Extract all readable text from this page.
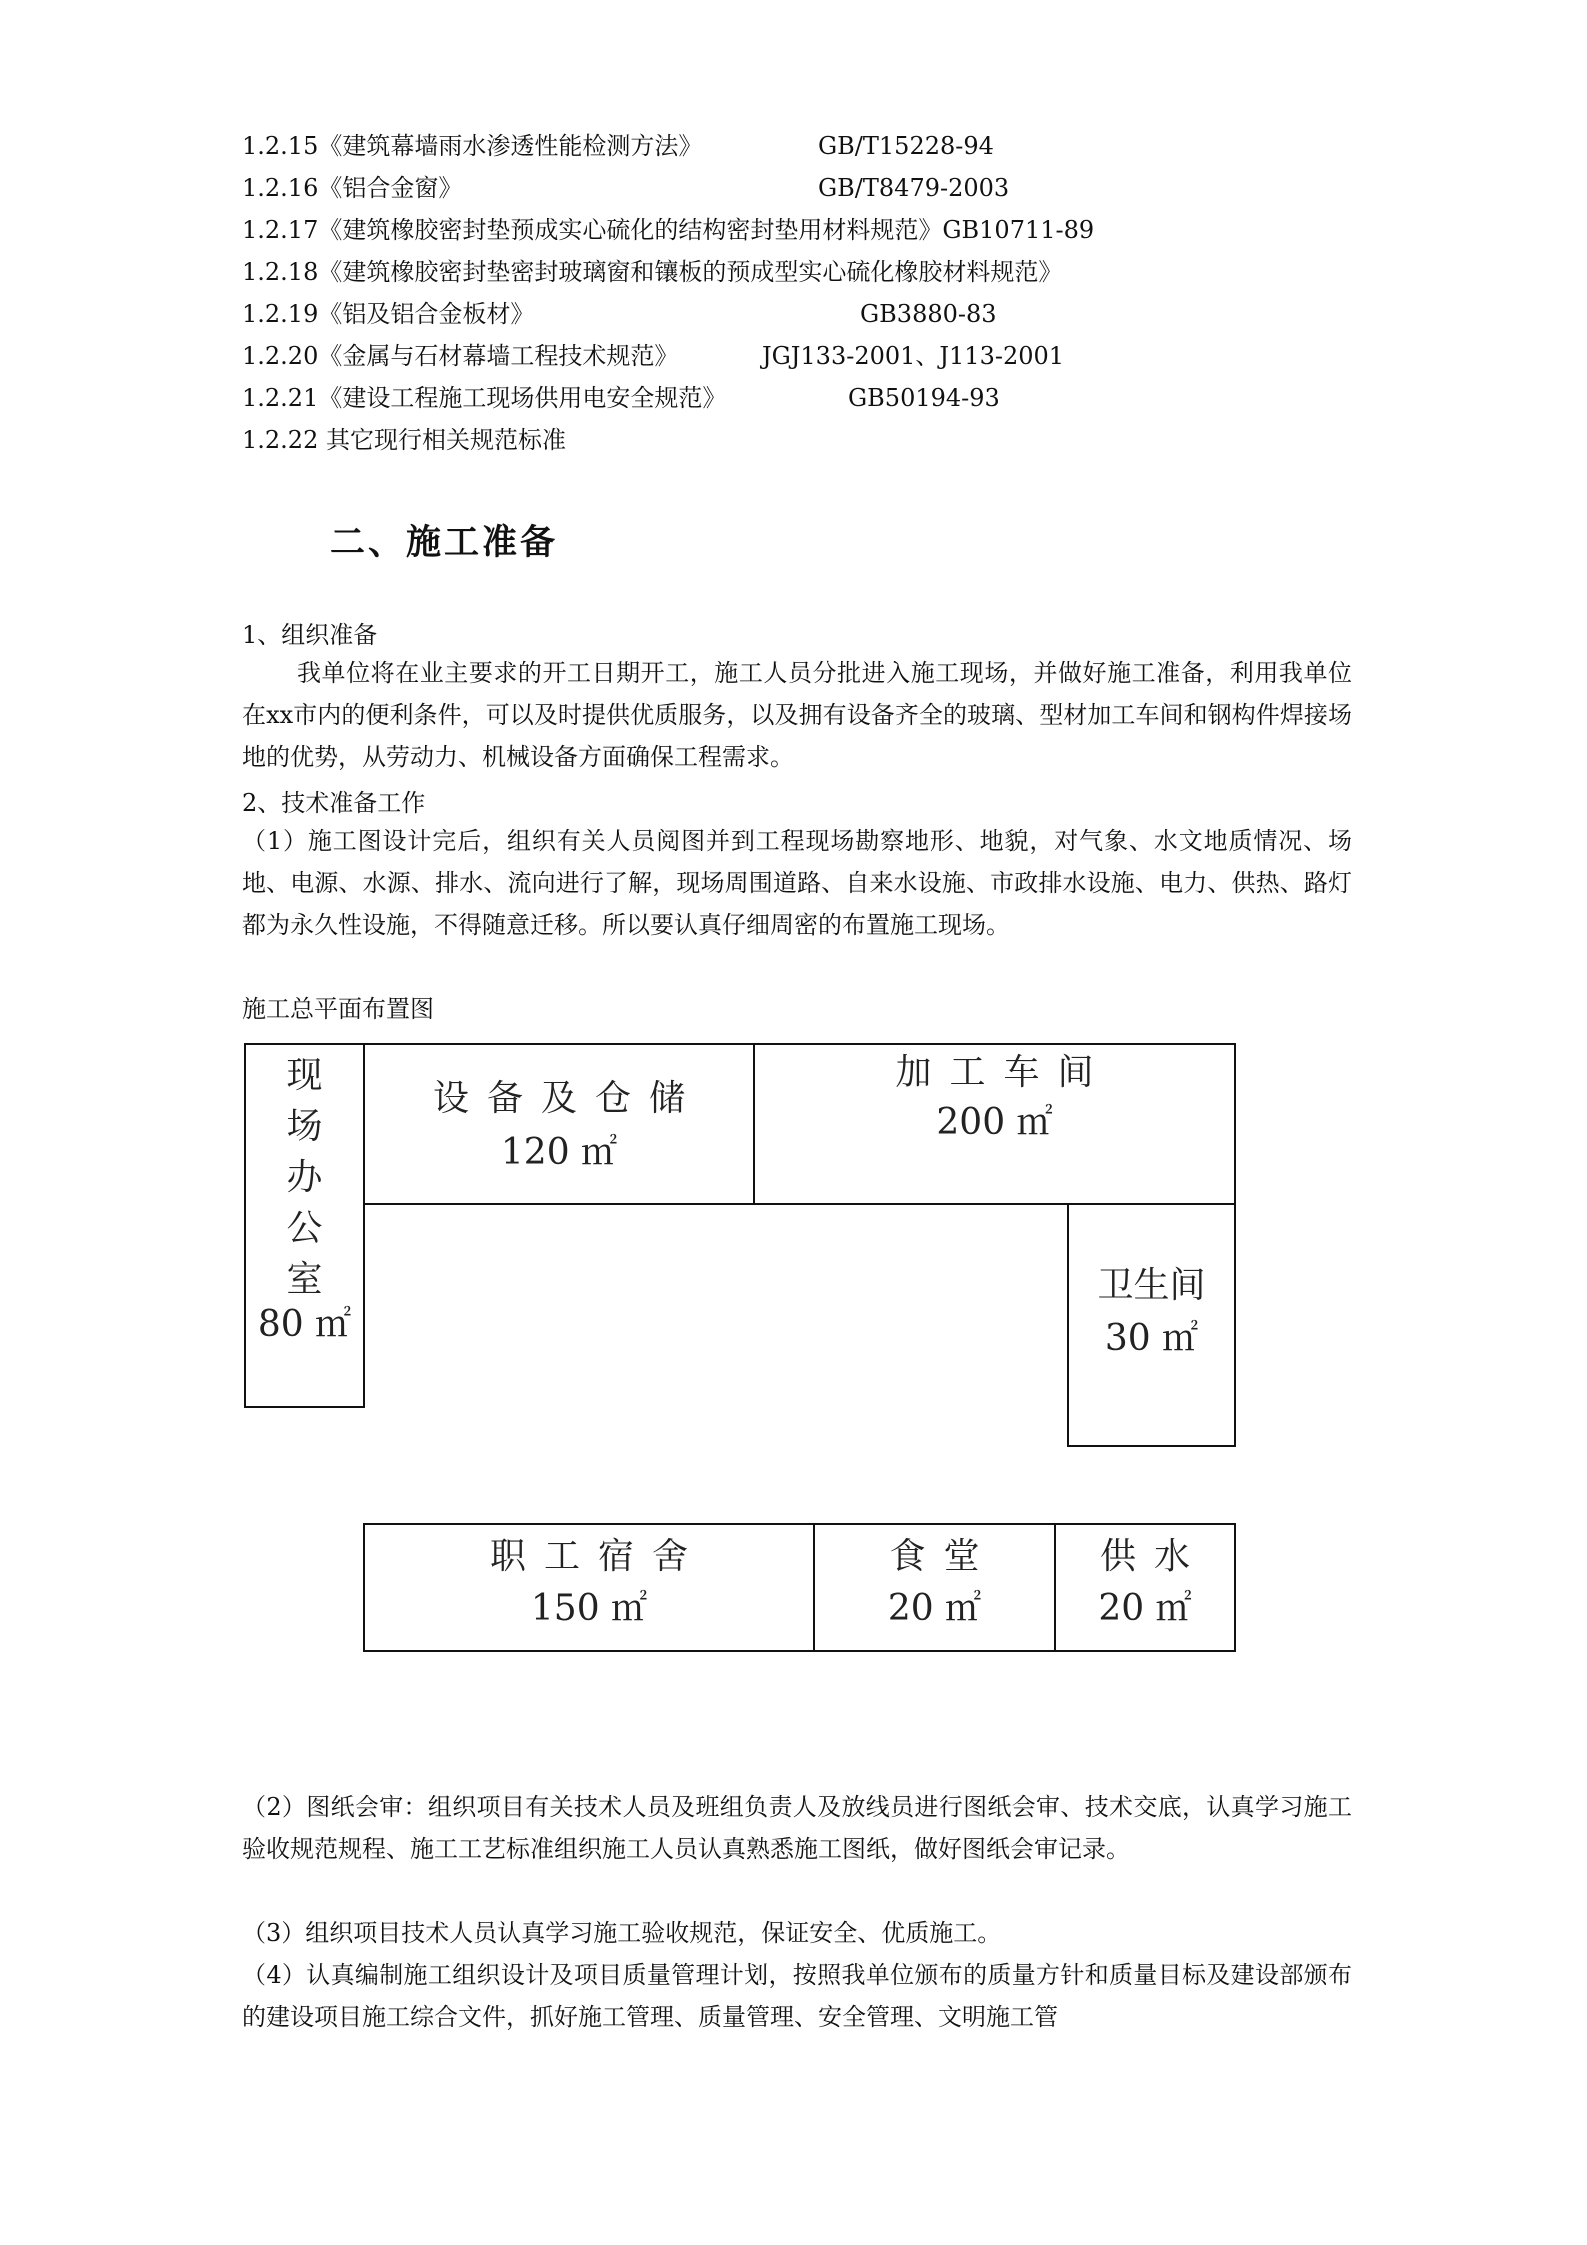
1.2.15《建筑幕墙雨水渗透性能检测方法》	GB/T15228-94
1.2.16《铝合金窗》	GB/T8479-2003
1.2.17《建筑橡胶密封垫预成实心硫化的结构密封垫用材料规范》GB10711-89
1.2.18《建筑橡胶密封垫密封玻璃窗和镶板的预成型实心硫化橡胶材料规范》
1.2.19《铝及铝合金板材》	GB3880-83
1.2.20《金属与石材幕墙工程技术规范》	JGJ133-2001、J113-2001
1.2.21《建设工程施工现场供用电安全规范》	GB50194-93
1.2.22 其它现行相关规范标准
二、施工准备
1、组织准备
我单位将在业主要求的开工日期开工，施工人员分批进入施工现场，并做好施工准备，利用我单位在xx市内的便利条件，可以及时提供优质服务，以及拥有设备齐全的玻璃、型材加工车间和钢构件焊接场地的优势，从劳动力、机械设备方面确保工程需求。
2、技术准备工作
（1）施工图设计完后，组织有关人员阅图并到工程现场勘察地形、地貌，对气象、水文地质情况、场地、电源、水源、排水、流向进行了解，现场周围道路、自来水设施、市政排水设施、电力、供热、路灯都为永久性设施，不得随意迁移。所以要认真仔细周密的布置施工现场。
施工总平面布置图
现场办公室
80 ㎡
设备及仓储
120 ㎡
加工车间
200 ㎡
卫生间
30 ㎡
职工宿舍
150 ㎡
食堂
20 ㎡
供水
20 ㎡
（2）图纸会审：组织项目有关技术人员及班组负责人及放线员进行图纸会审、技术交底，认真学习施工验收规范规程、施工工艺标准组织施工人员认真熟悉施工图纸，做好图纸会审记录。
（3）组织项目技术人员认真学习施工验收规范，保证安全、优质施工。
（4）认真编制施工组织设计及项目质量管理计划，按照我单位颁布的质量方针和质量目标及建设部颁布的建设项目施工综合文件，抓好施工管理、质量管理、安全管理、文明施工管
